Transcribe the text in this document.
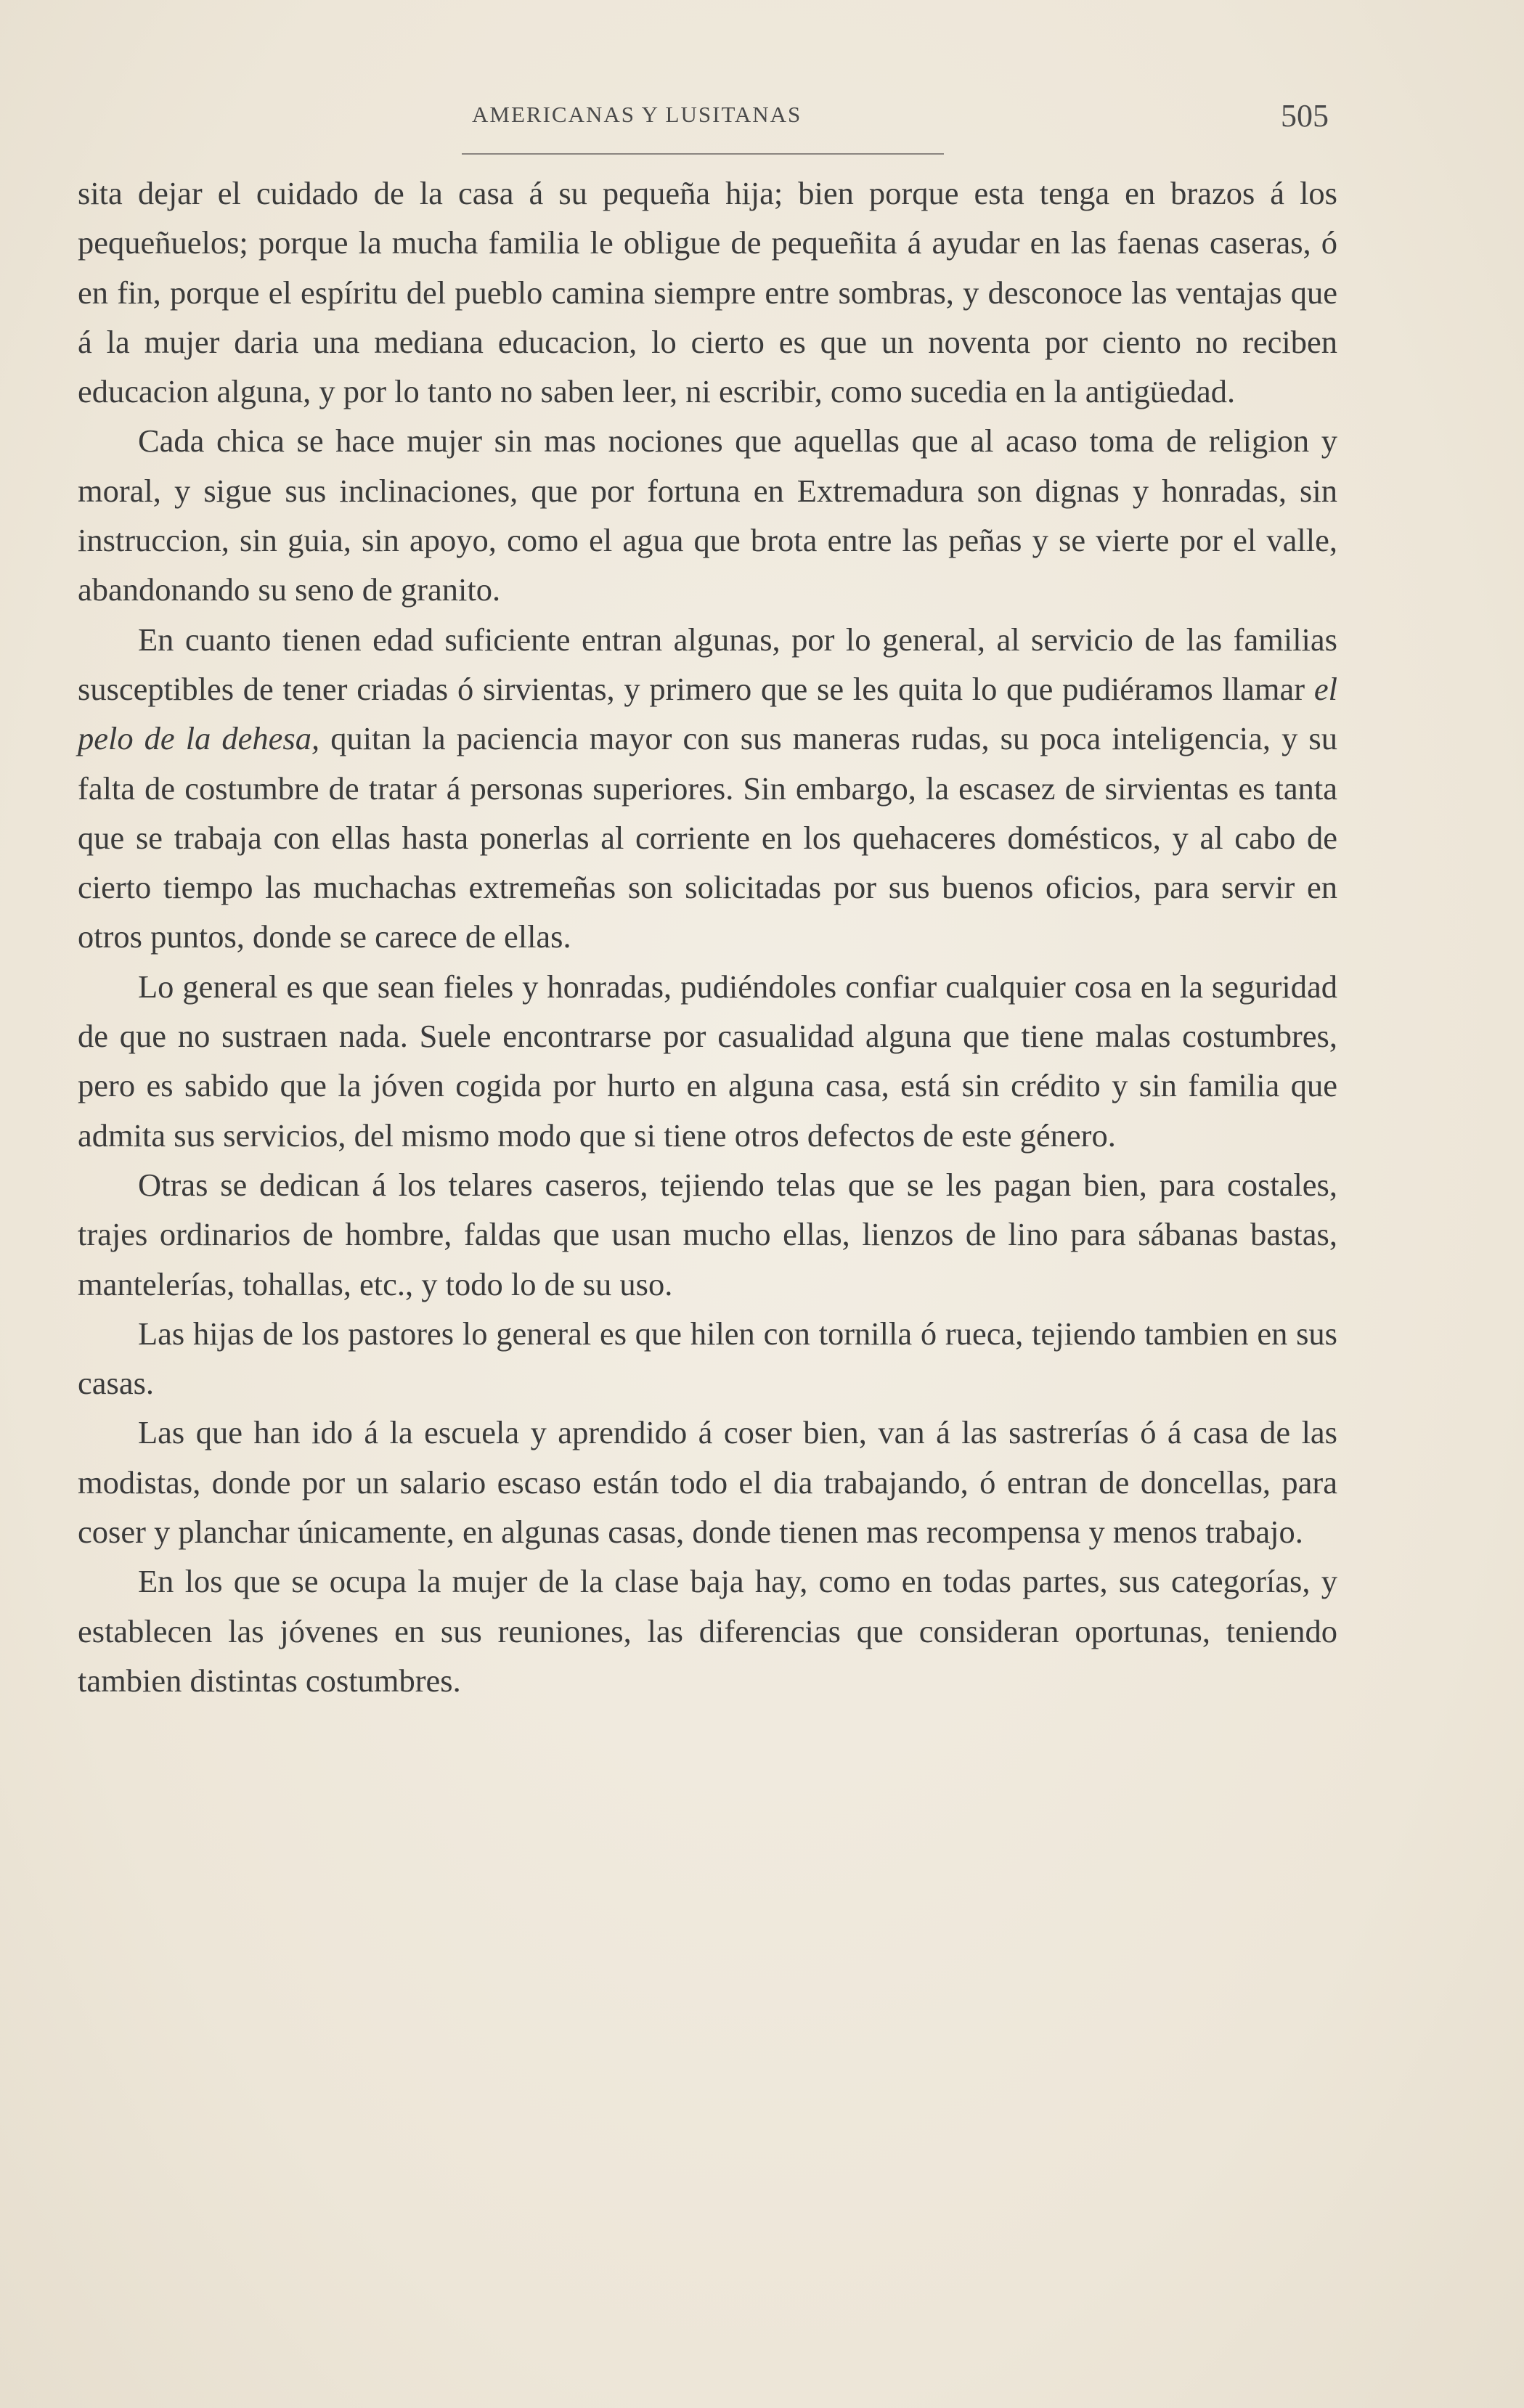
AMERICANAS Y LUSITANAS	505

sita dejar el cuidado de la casa á su pequeña hija; bien porque esta tenga en brazos á los pequeñuelos; porque la mucha familia le obligue de pequeñita á ayudar en las faenas caseras, ó en fin, porque el espíritu del pueblo camina siempre entre sombras, y desconoce las ventajas que á la mujer daria una mediana educacion, lo cierto es que un noventa por ciento no reciben educacion alguna, y por lo tanto no saben leer, ni escribir, como sucedia en la antigüedad.

Cada chica se hace mujer sin mas nociones que aquellas que al acaso toma de religion y moral, y sigue sus inclinaciones, que por fortuna en Extremadura son dignas y honradas, sin instruccion, sin guia, sin apoyo, como el agua que brota entre las peñas y se vierte por el valle, abandonando su seno de granito.

En cuanto tienen edad suficiente entran algunas, por lo general, al servicio de las familias susceptibles de tener criadas ó sirvientas, y primero que se les quita lo que pudiéramos llamar el pelo de la dehesa, quitan la paciencia mayor con sus maneras rudas, su poca inteligencia, y su falta de costumbre de tratar á personas superiores. Sin embargo, la escasez de sirvientas es tanta que se trabaja con ellas hasta ponerlas al corriente en los quehaceres domésticos, y al cabo de cierto tiempo las muchachas extremeñas son solicitadas por sus buenos oficios, para servir en otros puntos, donde se carece de ellas.

Lo general es que sean fieles y honradas, pudiéndoles confiar cualquier cosa en la seguridad de que no sustraen nada. Suele encontrarse por casualidad alguna que tiene malas costumbres, pero es sabido que la jóven cogida por hurto en alguna casa, está sin crédito y sin familia que admita sus servicios, del mismo modo que si tiene otros defectos de este género.

Otras se dedican á los telares caseros, tejiendo telas que se les pagan bien, para costales, trajes ordinarios de hombre, faldas que usan mucho ellas, lienzos de lino para sábanas bastas, mantelerías, tohallas, etc., y todo lo de su uso.

Las hijas de los pastores lo general es que hilen con tornilla ó rueca, tejiendo tambien en sus casas.

Las que han ido á la escuela y aprendido á coser bien, van á las sastrerías ó á casa de las modistas, donde por un salario escaso están todo el dia trabajando, ó entran de doncellas, para coser y planchar únicamente, en algunas casas, donde tienen mas recompensa y menos trabajo.

En los que se ocupa la mujer de la clase baja hay, como en todas partes, sus categorías, y establecen las jóvenes en sus reuniones, las diferencias que consideran oportunas, teniendo tambien distintas costumbres.
